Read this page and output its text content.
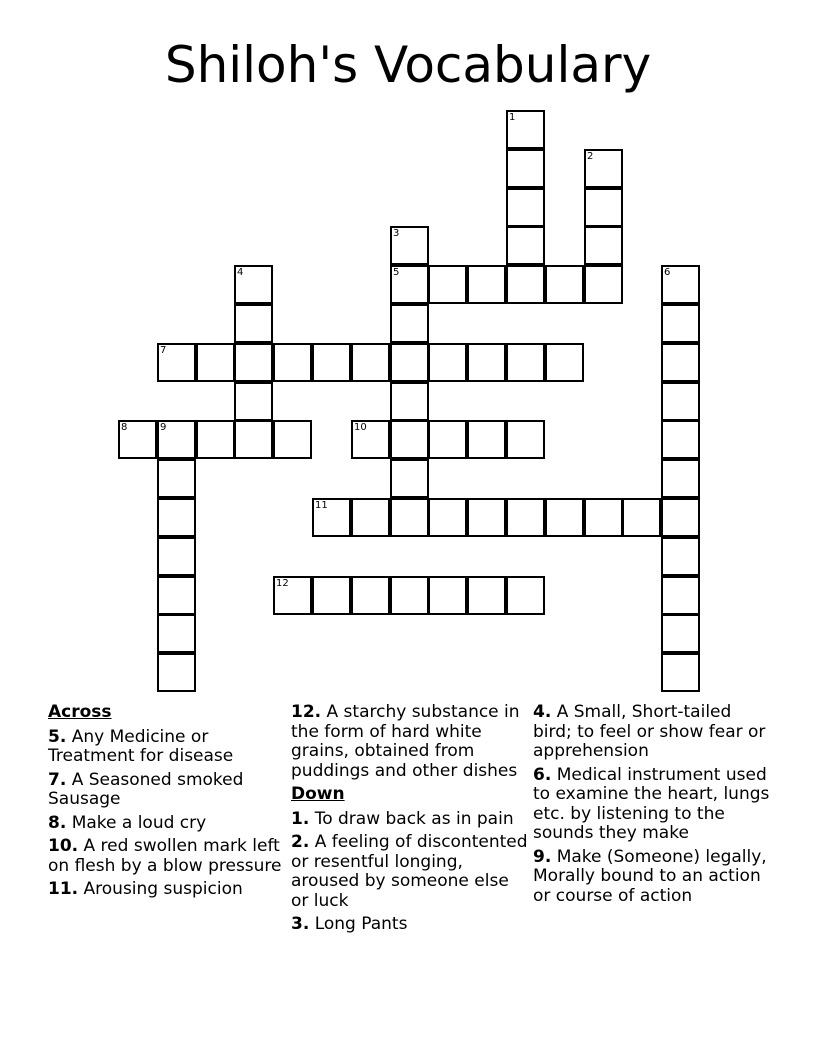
Shiloh's Vocabulary
1
2
3
5
4	6
7
8	9	10
11
12
Across
5. Any Medicine or Treatment for disease
7. A Seasoned smoked Sausage
8. Make a loud cry
10. A red swollen mark left on flesh by a blow pressure
11. Arousing suspicion
12. A starchy substance in the form of hard white grains, obtained from puddings and other dishes
Down
1. To draw back as in pain
2. A feeling of discontented or resentful longing, aroused by someone else or luck
3. Long Pants
4. A Small, Short-tailed bird; to feel or show fear or apprehension
6. Medical instrument used to examine the heart, lungs etc. by listening to the sounds they make
9. Make (Someone) legally, Morally bound to an action or course of action
